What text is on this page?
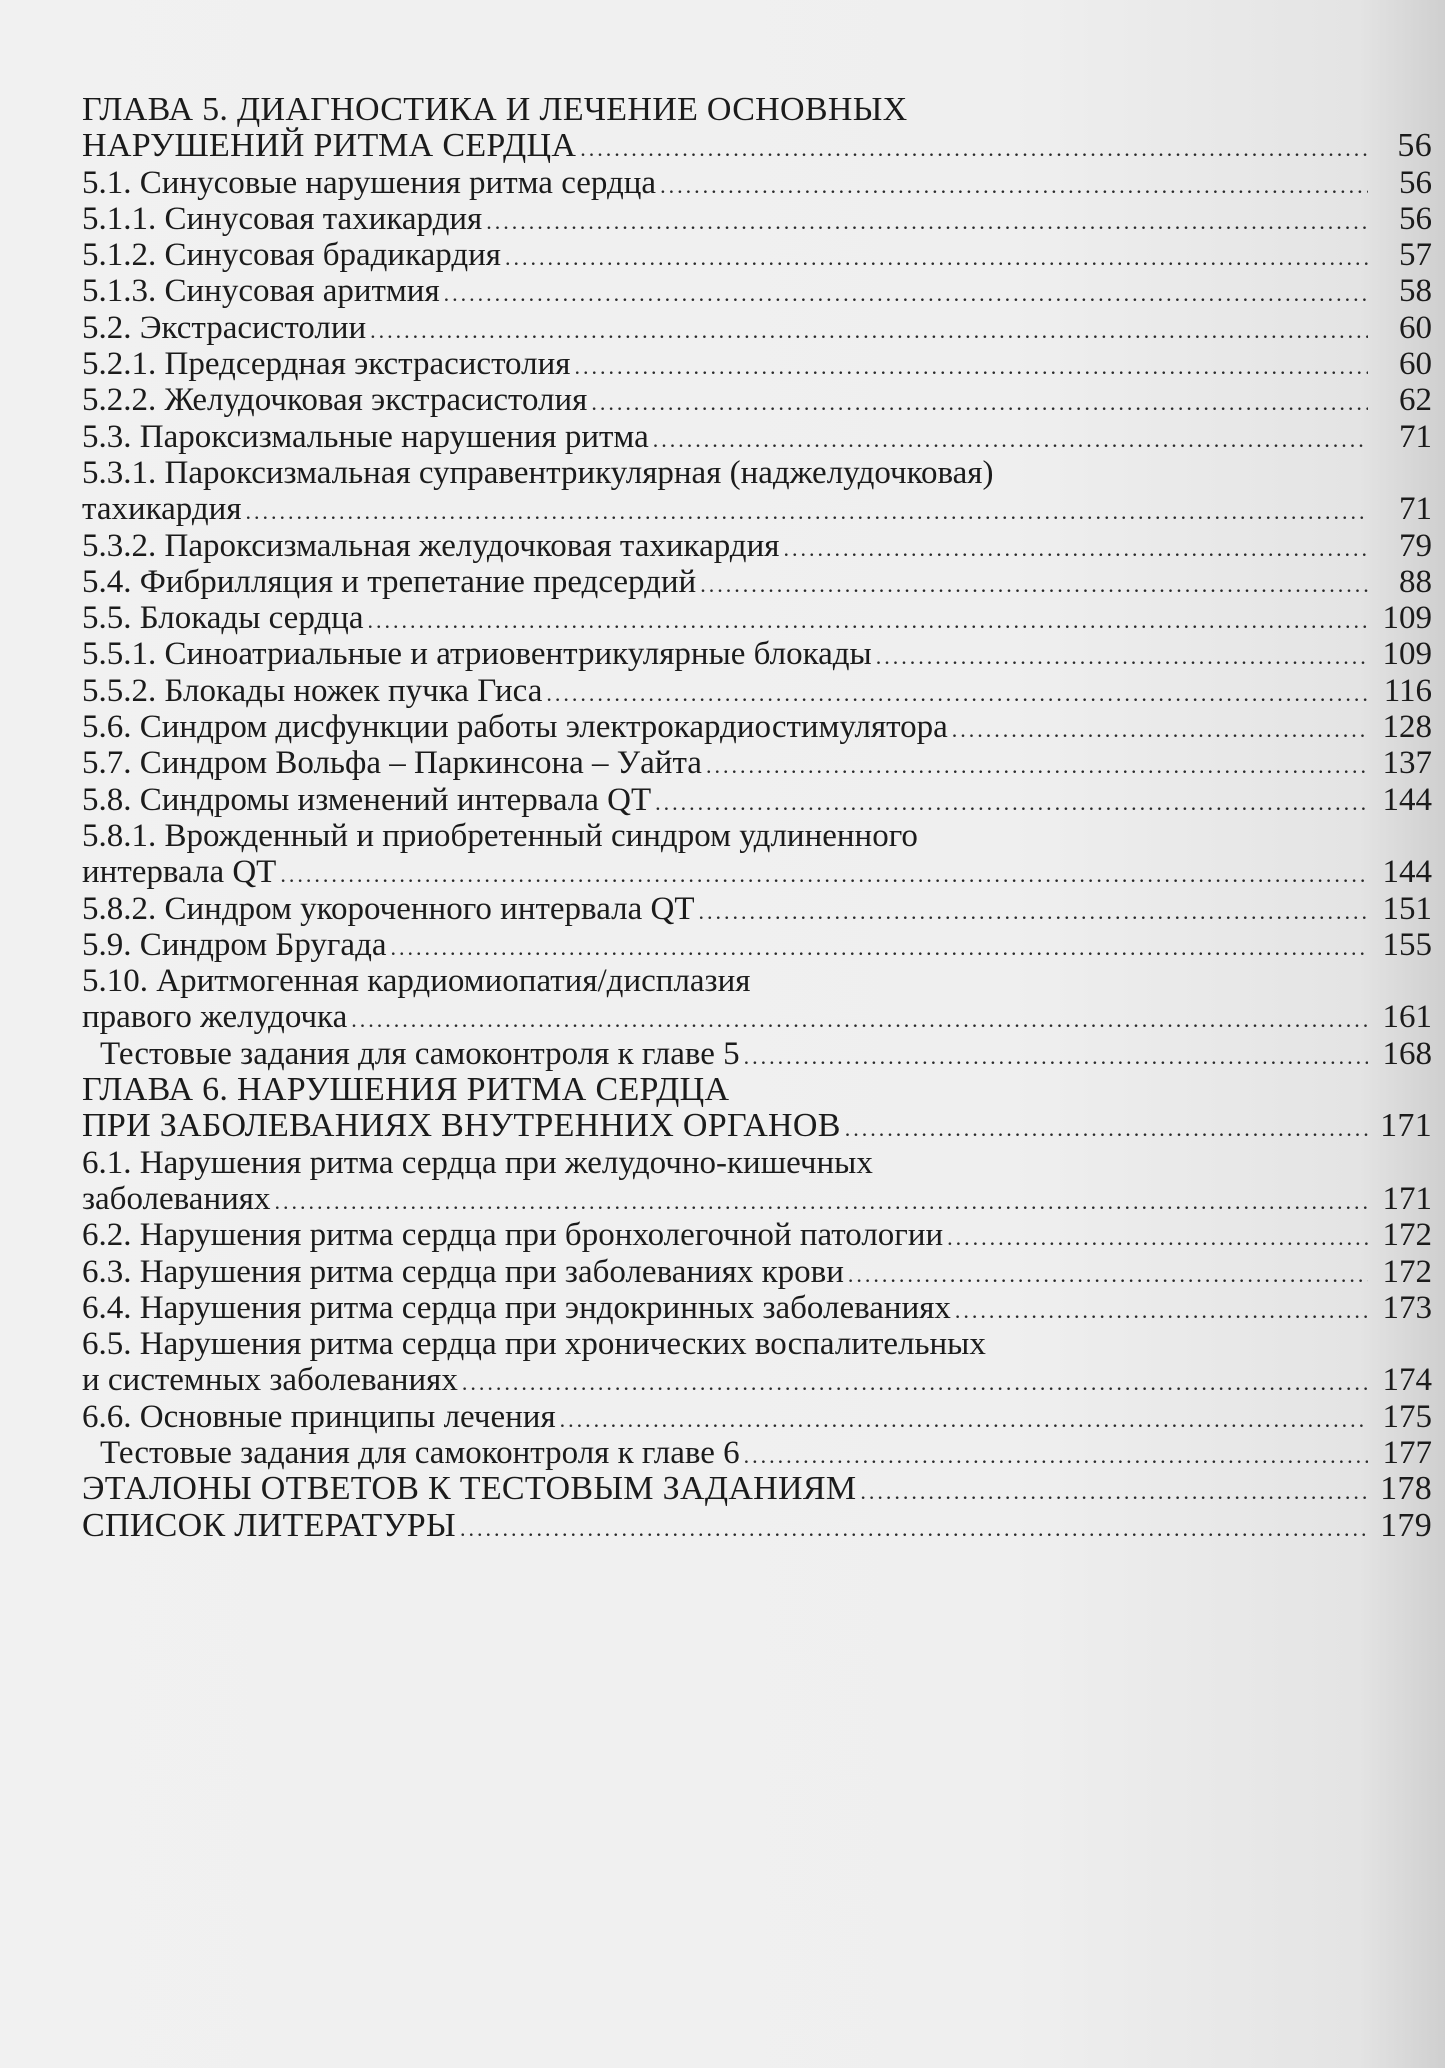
ГЛАВА 5. ДИАГНОСТИКА И ЛЕЧЕНИЕ ОСНОВНЫХ
НАРУШЕНИЙ РИТМА СЕРДЦА .....	56
5.1. Синусовые нарушения ритма сердца .....	56
5.1.1. Синусовая тахикардия .....	56
5.1.2. Синусовая брадикардия .....	57
5.1.3. Синусовая аритмия .....	58
5.2. Экстрасистолии .....	60
5.2.1. Предсердная экстрасистолия .....	60
5.2.2. Желудочковая экстрасистолия .....	62
5.3. Пароксизмальные нарушения ритма .....	71
5.3.1. Пароксизмальная суправентрикулярная (наджелудочковая)
тахикардия .....	71
5.3.2. Пароксизмальная желудочковая тахикардия .....	79
5.4. Фибрилляция и трепетание предсердий .....	88
5.5. Блокады сердца .....	109
5.5.1. Синоатриальные и атриовентрикулярные блокады .....	109
5.5.2. Блокады ножек пучка Гиса .....	116
5.6. Синдром дисфункции работы электрокардиостимулятора .....	128
5.7. Синдром Вольфа – Паркинсона – Уайта .....	137
5.8. Синдромы изменений интервала QT .....	144
5.8.1. Врожденный и приобретенный синдром удлиненного
интервала QT .....	144
5.8.2. Синдром укороченного интервала QT .....	151
5.9. Синдром Бругада .....	155
5.10. Аритмогенная кардиомиопатия/дисплазия
правого желудочка .....	161
Тестовые задания для самоконтроля к главе 5 .....	168
ГЛАВА 6. НАРУШЕНИЯ РИТМА СЕРДЦА
ПРИ ЗАБОЛЕВАНИЯХ ВНУТРЕННИХ ОРГАНОВ .....	171
6.1. Нарушения ритма сердца при желудочно-кишечных
заболеваниях .....	171
6.2. Нарушения ритма сердца при бронхолегочной патологии .....	172
6.3. Нарушения ритма сердца при заболеваниях крови .....	172
6.4. Нарушения ритма сердца при эндокринных заболеваниях .....	173
6.5. Нарушения ритма сердца при хронических воспалительных
и системных заболеваниях .....	174
6.6. Основные принципы лечения .....	175
Тестовые задания для самоконтроля к главе 6 .....	177
ЭТАЛОНЫ ОТВЕТОВ К ТЕСТОВЫМ ЗАДАНИЯМ .....	178
СПИСОК ЛИТЕРАТУРЫ .....	179
